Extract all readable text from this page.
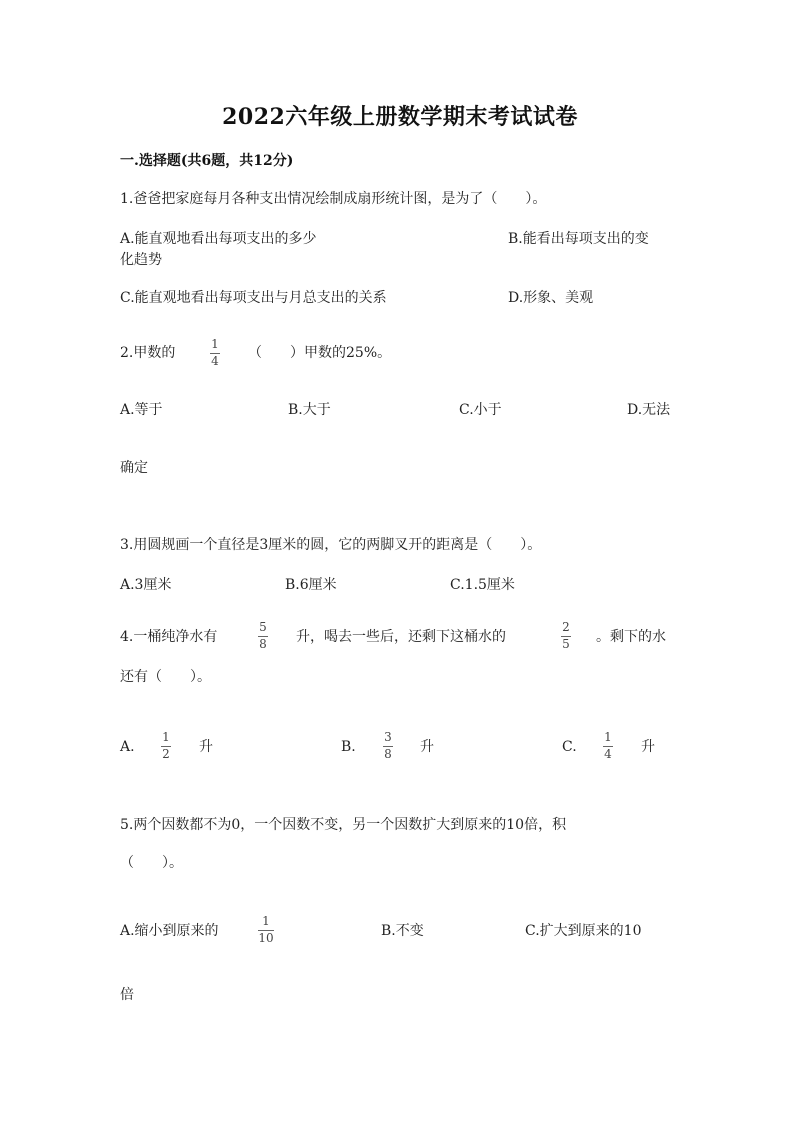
2022六年级上册数学期末考试试卷
一.选择题(共6题，共12分)
1.爸爸把家庭每月各种支出情况绘制成扇形统计图，是为了（　　）。
A.能直观地看出每项支出的多少	B.能看出每项支出的变
化趋势
C.能直观地看出每项支出与月总支出的关系	D.形象、美观
2.甲数的
1
4 （　　）甲数的25%。
A.等于	B.大于	C.小于	D.无法
确定
3.用圆规画一个直径是3厘米的圆，它的两脚叉开的距离是（　　）。
A.3厘米	B.6厘米	C.1.5厘米
4.一桶纯净水有
5
8 升，喝去一些后，还剩下这桶水的
2
5 。剩下的水
还有（　　）。
A.
1
2 升	B.
3
8 升	C.
1
4 升
5.两个因数都不为0，一个因数不变，另一个因数扩大到原来的10倍，积
（　　）。
A.缩小到原来的
1
10	B.不变	C.扩大到原来的10
倍
